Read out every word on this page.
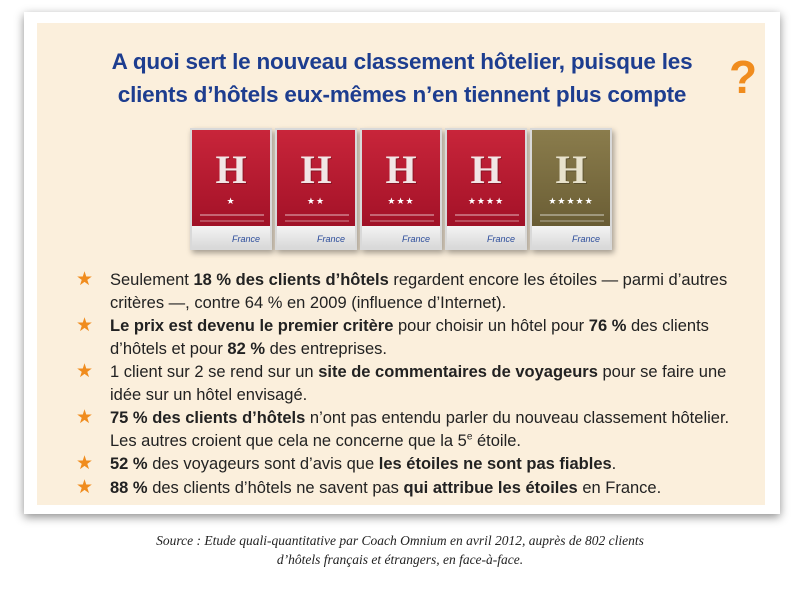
A quoi sert le nouveau classement hôtelier, puisque les
clients d’hôtels eux-mêmes n’en tiennent plus compte ?
H
★
France
H
★★
France
H
★★★
France
H
★★★★
France
H
★★★★★
France
★ Seulement 18 % des clients d’hôtels regardent encore les étoiles — parmi d’autres critères —, contre 64 % en 2009 (influence d’Internet).
★ Le prix est devenu le premier critère pour choisir un hôtel pour 76 % des clients d’hôtels et pour 82 % des entreprises.
★ 1 client sur 2 se rend sur un site de commentaires de voyageurs pour se faire une idée sur un hôtel envisagé.
★ 75 % des clients d’hôtels n’ont pas entendu parler du nouveau classement hôtelier. Les autres croient que cela ne concerne que la 5e étoile.
★ 52 % des voyageurs sont d’avis que les étoiles ne sont pas fiables.
★ 88 % des clients d’hôtels ne savent pas qui attribue les étoiles en France.
Source : Etude quali-quantitative par Coach Omnium en avril 2012, auprès de 802 clients
d’hôtels français et étrangers, en face-à-face.
